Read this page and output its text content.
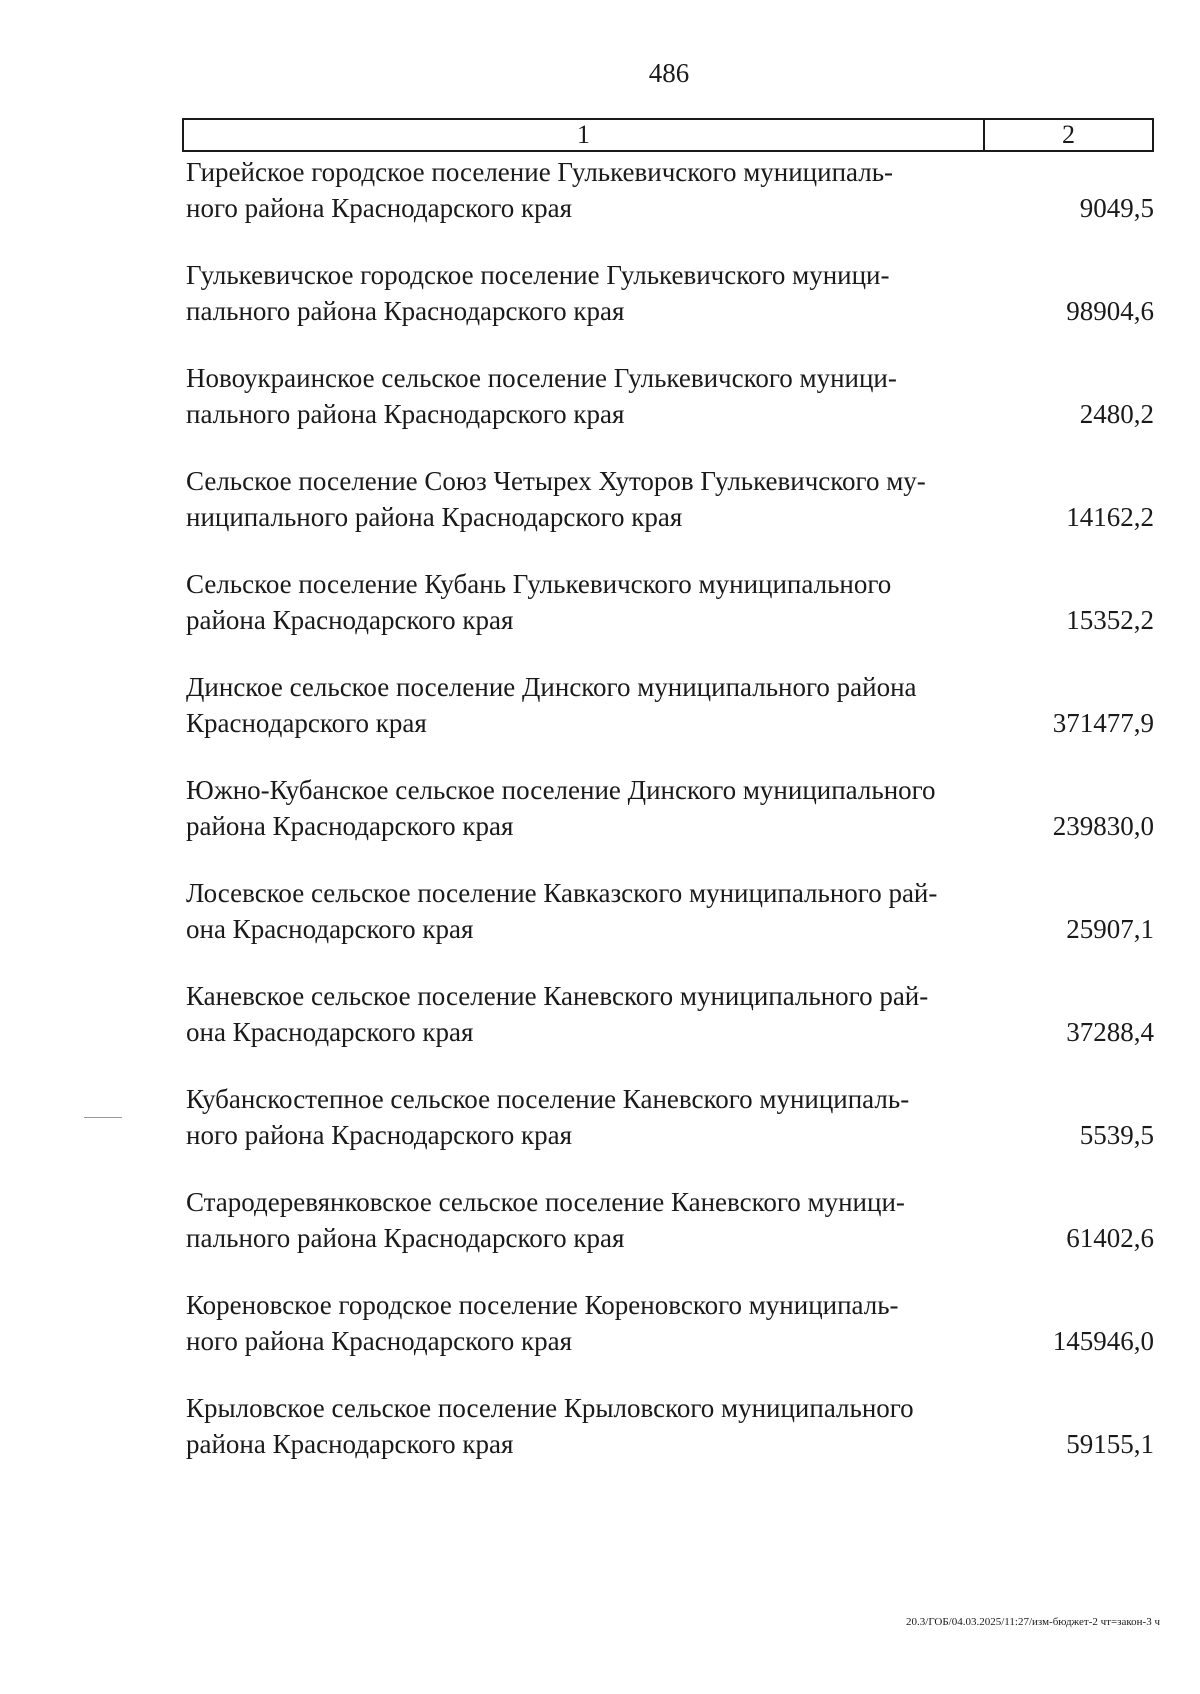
486
1	2
Гирейское городское поселение Гулькевичского муниципаль-
ного района Краснодарского края	9049,5
Гулькевичское городское поселение Гулькевичского муници-
пального района Краснодарского края	98904,6
Новоукраинское сельское поселение Гулькевичского муници-
пального района Краснодарского края	2480,2
Сельское поселение Союз Четырех Хуторов Гулькевичского му-
ниципального района Краснодарского края	14162,2
Сельское поселение Кубань Гулькевичского муниципального
района Краснодарского края	15352,2
Динское сельское поселение Динского муниципального района
Краснодарского края	371477,9
Южно-Кубанское сельское поселение Динского муниципального
района Краснодарского края	239830,0
Лосевское сельское поселение Кавказского муниципального рай-
она Краснодарского края	25907,1
Каневское сельское поселение Каневского муниципального рай-
она Краснодарского края	37288,4
Кубанскостепное сельское поселение Каневского муниципаль-
ного района Краснодарского края	5539,5
Стародеревянковское сельское поселение Каневского муници-
пального района Краснодарского края	61402,6
Кореновское городское поселение Кореновского муниципаль-
ного района Краснодарского края	145946,0
Крыловское сельское поселение Крыловского муниципального
района Краснодарского края	59155,1
20.3/ГОБ/04.03.2025/11:27/изм-бюджет-2 чт=закон-3 ч
